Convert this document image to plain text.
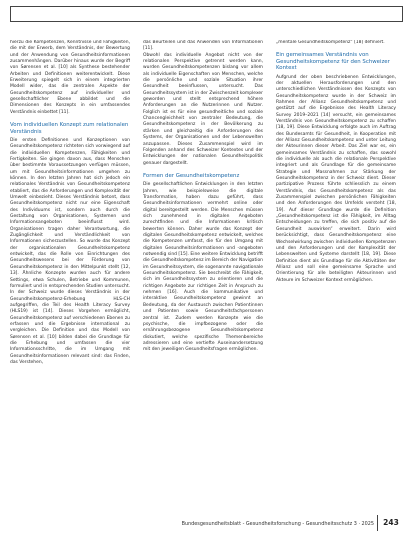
hierzu die Kompetenzen, Kenntnisse und Fähigkeiten, die mit der Erwerb, dem Verständnis, der Bewertung und der Anwendung von Gesundheitsinformationen zusammenhängen. Darüber hinaus wurde der Begriff von Sørensen et al. [10] als Synthese bestehender Arbeiten und Definitionen weiterentwickelt. Diese Erweiterung spiegelt sich in einem integrierten Modell wider, das die zentralen Aspekte der Gesundheitskompetenz auf individueller und gesellschaftlicher Ebene abbildet und die Dimensionen des Konzepts in ein umfassendes Verständnis einbettet [11].

Vom individuellen Konzept zum relationalen Verständnis

Die ersten Definitionen und Konzeptionen von Gesundheitskompetenz richteten sich vorwiegend auf die individuellen Kompetenzen, Fähigkeiten und Fertigkeiten. Sie gingen davon aus, dass Menschen über bestimmte Voraussetzungen verfügen müssen, um mit Gesundheitsinformationen umgehen zu können. In den letzten Jahren hat sich jedoch ein relationales Verständnis von Gesundheitskompetenz etabliert, das die Anforderungen und Komplexität der Umwelt einbezieht. Dieses Verständnis betont, dass Gesundheitskompetenz nicht nur eine Eigenschaft des Individuums ist, sondern auch durch die Gestaltung von Organisationen, Systemen und Informationsangeboten beeinflusst wird. Organisationen tragen daher Verantwortung, die Zugänglichkeit und Verständlichkeit von Informationen sicherzustellen. So wurde das Konzept der organisationalen Gesundheitskompetenz entwickelt, das die Rolle von Einrichtungen des Gesundheitswesens bei der Förderung von Gesundheitskompetenz in den Mittelpunkt stellt [12, 13]. Ähnliche Konzepte wurden auch für andere Settings, etwa Schulen, Betriebe und Kommunen, formuliert und in entsprechenden Studien untersucht. In der Schweiz wurde dieses Verständnis in der Gesundheitskompetenz-Erhebung HLS-CH aufgegriffen, die Teil des Health Literacy Survey (HLS19) ist [14]. Dieses Vorgehen ermöglicht, Gesundheitskompetenz auf verschiedenen Ebenen zu erfassen und die Ergebnisse international zu vergleichen. Die Definition und das Modell von Sørensen et al. [10] bilden dabei die Grundlage für die Erhebung und umfassen die vier Informationsschritte, die im Umgang mit Gesundheitsinformationen relevant sind: das Finden, das Verstehen,

das Beurteilen und das Anwenden von Informationen [11].

Obwohl das individuelle Angebot nicht von der relationalen Perspektive getrennt werden kann, wurden Gesundheitskompetenzen bislang vor allem als individuelle Eigenschaften von Menschen, welche die persönliche und soziale Situation ihrer Gesundheit beeinflussen, untersucht. Das Gesundheitssystem ist in der Zwischenzeit komplexer geworden und stellt entsprechend höhere Anforderungen an die Nutzerinnen und Nutzer. Folglich ist es für eine gesundheitliche und soziale Chancengleichheit von zentraler Bedeutung, die Gesundheitskompetenz in der Bevölkerung zu stärken und gleichzeitig die Anforderungen des Systems, der Organisationen und der Lebenswelten anzupassen. Dieses Zusammenspiel wird im Folgenden anhand des Schweizer Kontextes und der Entwicklungen der nationalen Gesundheitspolitik genauer dargestellt.

Formen der Gesundheitskompetenz

Die gesellschaftlichen Entwicklungen in den letzten Jahren, wie beispielsweise die digitale Transformation, haben dazu geführt, dass Gesundheitsinformationen vermehrt online oder digital bereitgestellt werden. Die Menschen müssen sich zunehmend in digitalen Angeboten zurechtfinden und die Informationen kritisch bewerten können. Daher wurde das Konzept der digitalen Gesundheitskompetenz entwickelt, welches die Kompetenzen umfasst, die für den Umgang mit digitalen Gesundheitsinformationen und -angeboten notwendig sind [15]. Eine weitere Entwicklung betrifft die Gesundheitskompetenz im Bereich der Navigation im Gesundheitssystem, die sogenannte navigationale Gesundheitskompetenz. Sie beschreibt die Fähigkeit, sich im Gesundheitssystem zu orientieren und die richtigen Angebote zur richtigen Zeit in Anspruch zu nehmen [16]. Auch die kommunikative und interaktive Gesundheitskompetenz gewinnt an Bedeutung, da der Austausch zwischen Patientinnen und Patienten sowie Gesundheitsfachpersonen zentral ist. Zudem werden Konzepte wie die psychische, die impfbezogene oder die ernährungsbezogene Gesundheitskompetenz diskutiert, welche spezifische Themenbereiche adressieren und eine vertiefte Auseinandersetzung mit den jeweiligen Gesundheitsfragen ermöglichen.

„mentale Gesundheitskompetenz“ [18] definiert.

Ein gemeinsames Verständnis von Gesundheitskompetenz für den Schweizer Kontext

Aufgrund der oben beschriebenen Entwicklungen, der aktuellen Herausforderungen und den unterschiedlichen Verständnissen des Konzepts von Gesundheitskompetenz wurde in der Schweiz im Rahmen der Allianz Gesundheitskompetenz und gestützt auf die Ergebnisse des Health Literacy Survey 2019–2021 [14] versucht, ein gemeinsames Verständnis von Gesundheitskompetenz zu schaffen [18, 19]. Diese Entwicklung erfolgte auch im Auftrag des Bundesamts für Gesundheit, in Kooperation mit der Allianz Gesundheitskompetenz und unter Leitung der Akteurinnen dieser Arbeit. Das Ziel war es, ein gemeinsames Verständnis zu schaffen, das sowohl die individuelle als auch die relationale Perspektive integriert und als Grundlage für die gemeinsame Strategie und Massnahmen zur Stärkung der Gesundheitskompetenz in der Schweiz dient. Dieser partizipative Prozess führte schliesslich zu einem Verständnis, das Gesundheitskompetenz als das Zusammenspiel zwischen persönlichen Fähigkeiten und den Anforderungen des Umfelds versteht [18, 19]. Auf dieser Grundlage wurde die Definition „Gesundheitskompetenz ist die Fähigkeit, im Alltag Entscheidungen zu treffen, die sich positiv auf die Gesundheit auswirken“ erweitert. Darin wird berücksichtigt, dass Gesundheitskompetenz eine Wechselwirkung zwischen individuellen Kompetenzen und den Anforderungen und der Komplexität der Lebenswelten und Systeme darstellt [18, 19]. Diese Definition dient als Grundlage für die Aktivitäten der Allianz und soll eine gemeinsame Sprache und Orientierung für alle beteiligten Akteurinnen und Akteure im Schweizer Kontext ermöglichen.

Bundesgesundheitsblatt - Gesundheitsforschung - Gesundheitsschutz 3 · 2025	243
